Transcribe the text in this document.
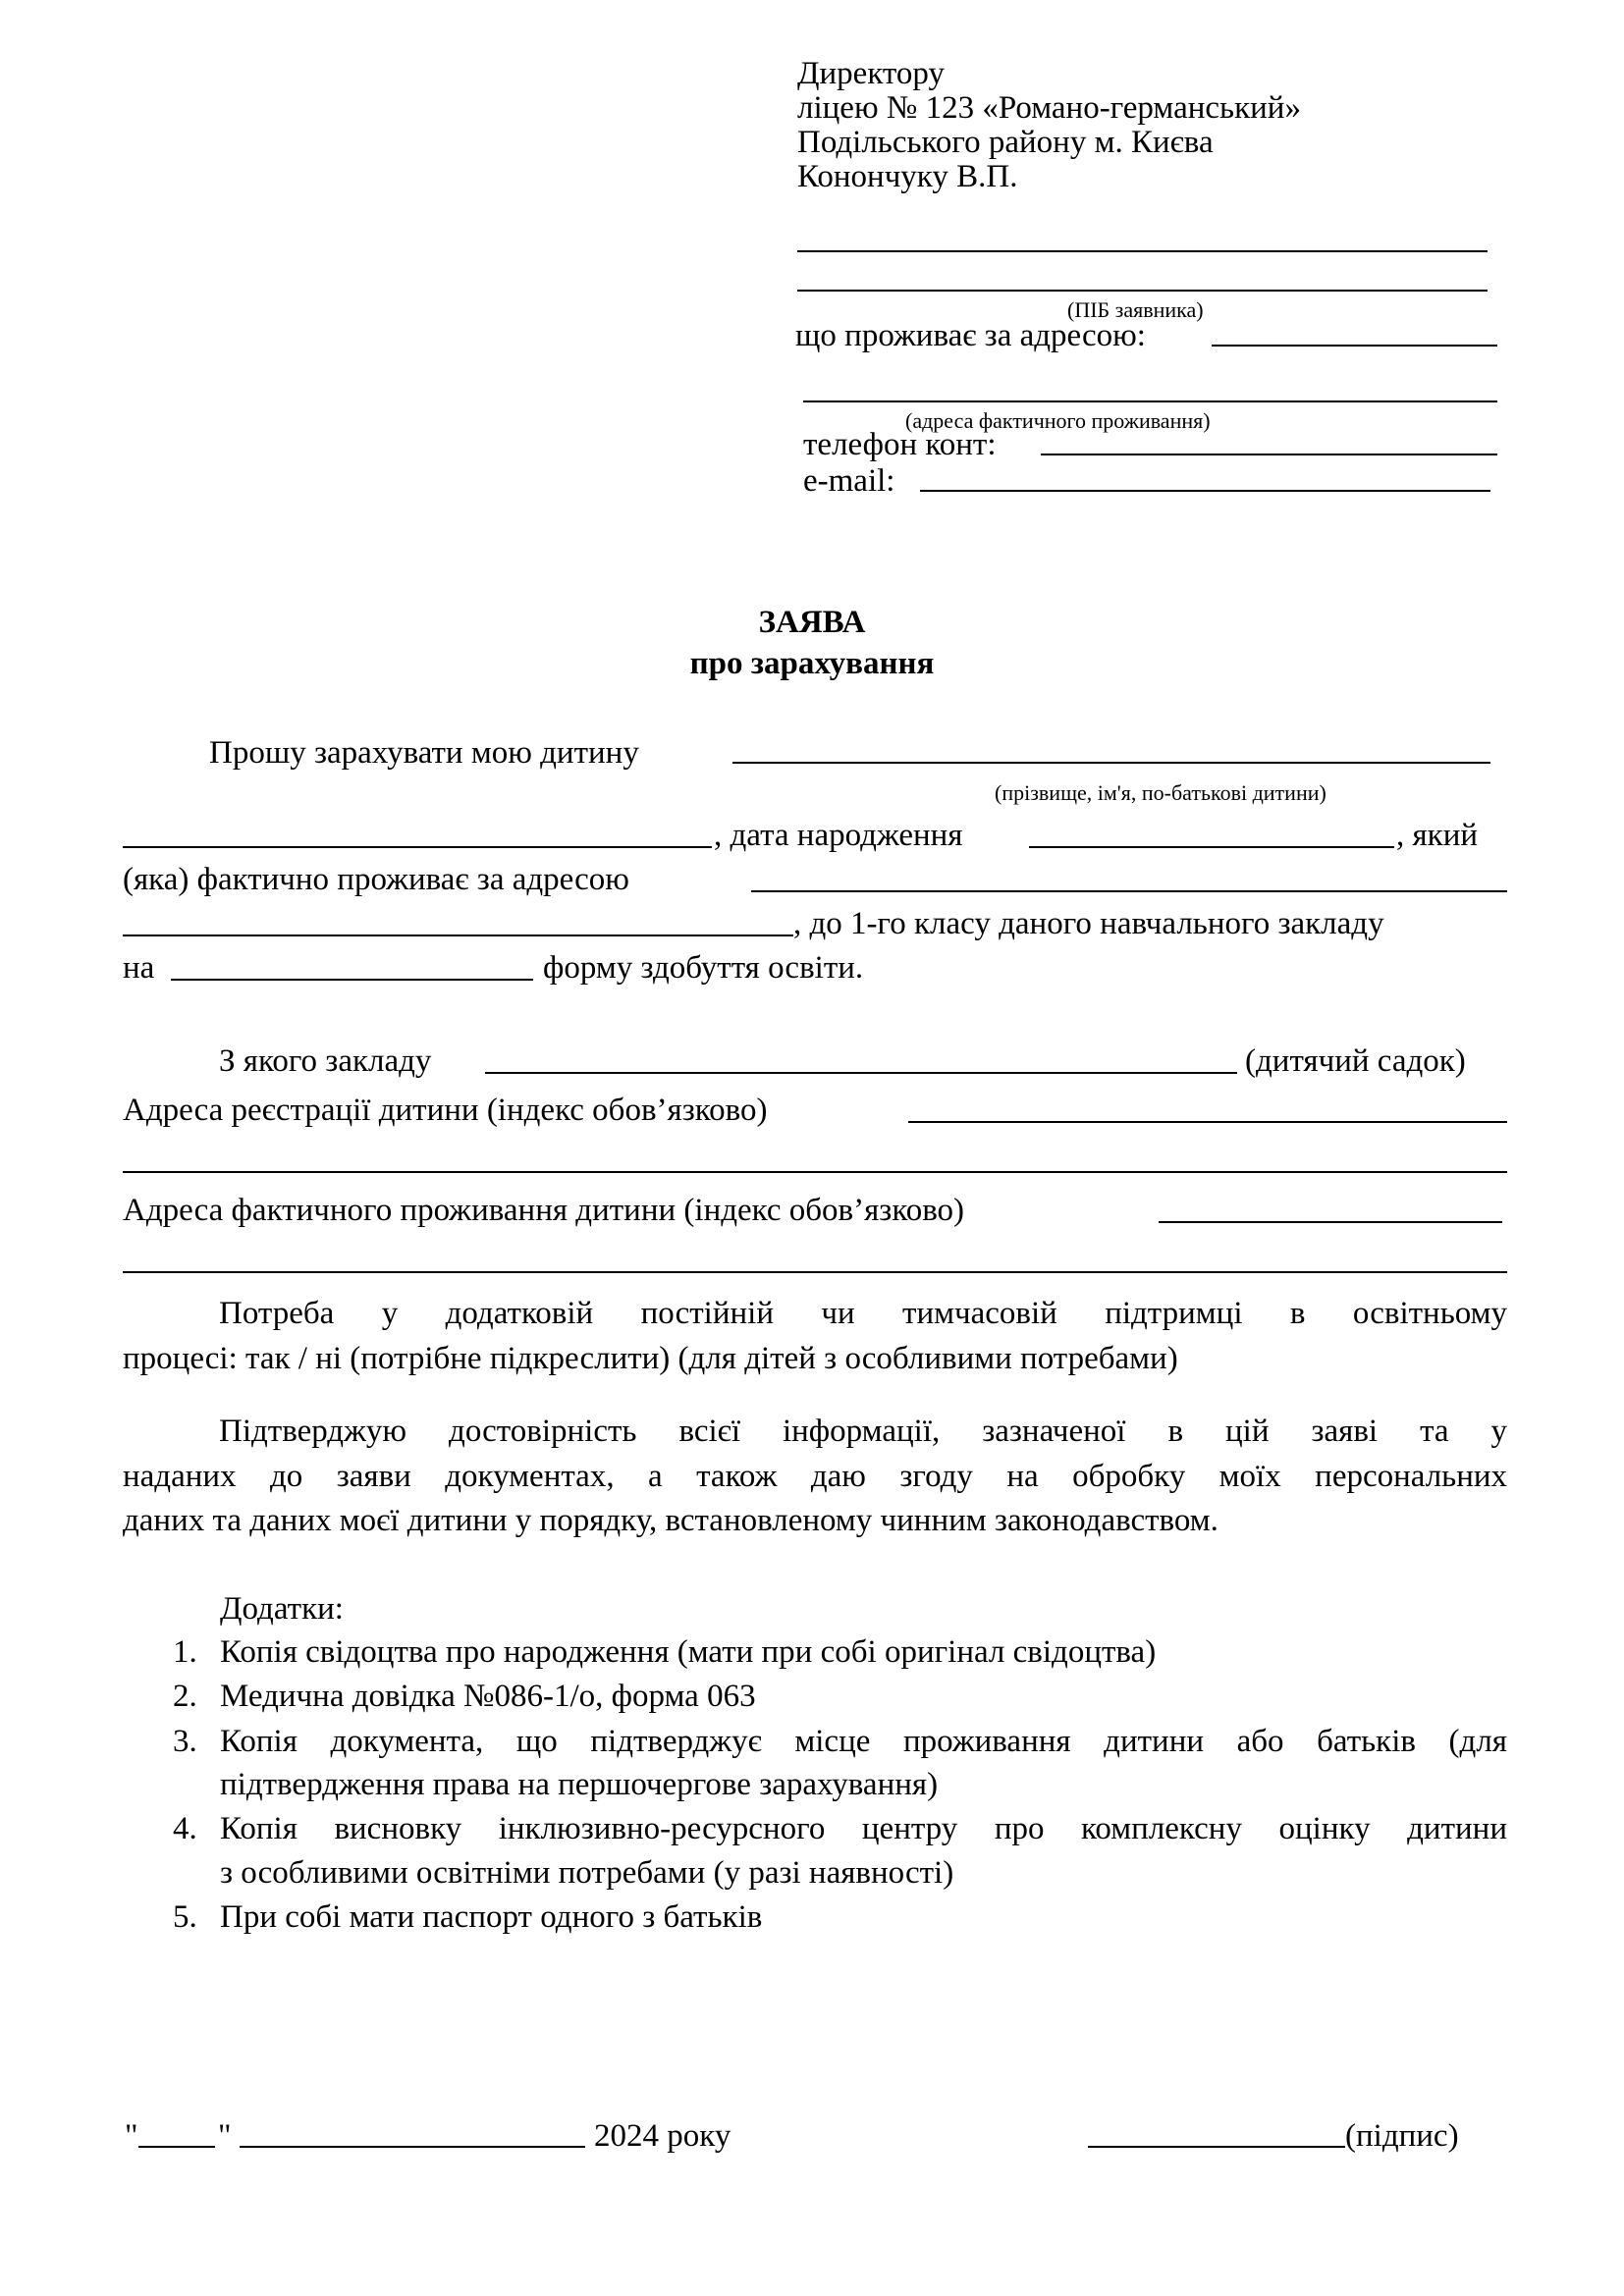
Директору
ліцею № 123 «Романо-германський»
Подільського району м. Києва
Конончуку В.П.
(ПІБ заявника)
що проживає за адресою:
(адреса фактичного проживання)
телефон конт:
e-mail:
ЗАЯВА
про зарахування
Прошу зарахувати мою дитину
(прізвище, ім'я, по-батькові дитини)
, дата народження	, який
(яка) фактично проживає за адресою
, до 1-го класу даного навчального закладу
на	форму здобуття освіти.
З якого закладу	(дитячий садок)
Адреса реєстрації дитини (індекс обов’язково)
Адреса фактичного проживання дитини (індекс обов’язково)
Потреба у додатковій постійній чи тимчасовій підтримці в освітньому
процесі: так / ні (потрібне підкреслити) (для дітей з особливими потребами)
Підтверджую достовірність всієї інформації, зазначеної в цій заяві та у
наданих до заяви документах, а також даю згоду на обробку моїх персональних
даних та даних моєї дитини у порядку, встановленому чинним законодавством.
Додатки:
1. Копія свідоцтва про народження (мати при собі оригінал свідоцтва)
2. Медична довідка №086-1/о, форма 063
3. Копія документа, що підтверджує місце проживання дитини або батьків (для
підтвердження права на першочергове зарахування)
4. Копія висновку інклюзивно-ресурсного центру про комплексну оцінку дитини
з особливими освітніми потребами (у разі наявності)
5. При собі мати паспорт одного з батьків
" "	2024 року	(підпис)
